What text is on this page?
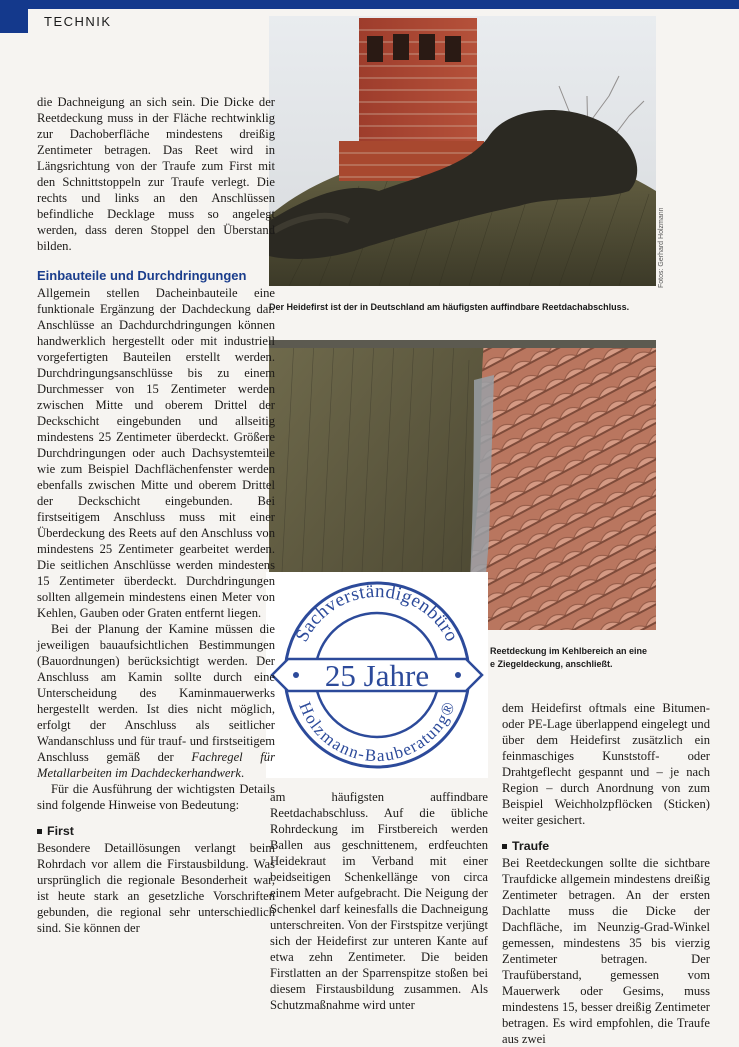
TECHNIK
Fotos: Gerhard Holzmann
Der Heidefirst ist der in Deutschland am häufigsten auffindbare Reetdachabschluss.
Reetdeckung im Kehlbereich an eine
e Ziegeldeckung, anschließt.
Sachverständigenbüro
Holzmann-Bauberatung®
25 Jahre

die Dachneigung an sich sein. Die Dicke der Reetdeckung muss in der Fläche rechtwinklig zur Dachoberfläche mindestens dreißig Zentimeter betragen. Das Reet wird in Längsrichtung von der Traufe zum First mit den Schnittstoppeln zur Traufe verlegt. Die rechts und links an den Anschlüssen befindliche Decklage muss so angelegt werden, dass deren Stoppel den Überstand bilden.

Einbauteile und Durchdringungen

Allgemein stellen Dacheinbauteile eine funktionale Ergänzung der Dachdeckung dar. Anschlüsse an Dachdurchdringungen können handwerklich hergestellt oder mit industriell vorgefertigten Bauteilen erstellt werden. Durchdringungsanschlüsse bis zu einem Durchmesser von 15 Zentimeter werden zwischen Mitte und oberem Drittel der Deckschicht eingebunden und allseitig mindestens 25 Zentimeter überdeckt. Größere Durchdringungen oder auch Dachsystemteile wie zum Beispiel Dachflächenfenster werden ebenfalls zwischen Mitte und oberem Drittel der Deckschicht eingebunden. Bei firstseitigem Anschluss muss mit einer Überdeckung des Reets auf den Anschluss von mindestens 25 Zentimeter gearbeitet werden. Die seitlichen Anschlüsse werden mindestens 15 Zentimeter überdeckt. Durchdringungen sollten allgemein mindestens einen Meter von Kehlen, Gauben oder Graten entfernt liegen.

Bei der Planung der Kamine müssen die jeweiligen bauaufsichtlichen Bestimmungen (Bauordnungen) berücksichtigt werden. Der Anschluss am Kamin sollte durch eine Unterscheidung des Kaminmauerwerks hergestellt werden. Ist dies nicht möglich, erfolgt der Anschluss als seitlicher Wandanschluss und für trauf- und firstseitigem Anschluss gemäß der Fachregel für Metallarbeiten im Dachdeckerhandwerk.

Für die Ausführung der wichtigsten Details sind folgende Hinweise von Bedeutung:

First

Besondere Detaillösungen verlangt beim Rohrdach vor allem die Firstausbildung. Was ursprünglich die regionale Besonderheit war, ist heute stark an gesetzliche Vorschriften gebunden, die regional sehr unterschiedlich sind. Sie können der

am häufigsten auffindbare Reetdachabschluss. Auf die übliche Rohrdeckung im Firstbereich werden Ballen aus geschnittenem, erdfeuchten Heidekraut im Verband mit einer beidseitigen Schenkellänge von circa einem Meter aufgebracht. Die Neigung der Schenkel darf keinesfalls die Dachneigung unterschreiten. Von der Firstspitze verjüngt sich der Heidefirst zur unteren Kante auf etwa zehn Zentimeter. Die beiden Firstlatten an der Sparrenspitze stoßen bei diesem Firstausbildung zusammen. Als Schutzmaßnahme wird unter

dem Heidefirst oftmals eine Bitumen- oder PE-Lage überlappend eingelegt und über dem Heidefirst zusätzlich ein feinmaschiges Kunststoff- oder Drahtgeflecht gespannt und – je nach Region – durch Anordnung von zum Beispiel Weichholzpflöcken (Sticken) weiter gesichert.

Traufe

Bei Reetdeckungen sollte die sichtbare Traufdicke allgemein mindestens dreißig Zentimeter betragen. An der ersten Dachlatte muss die Dicke der Dachfläche, im Neunzig-Grad-Winkel gemessen, mindestens 35 bis vierzig Zentimeter betragen. Der Traufüberstand, gemessen vom Mauerwerk oder Gesims, muss mindestens 15, besser dreißig Zentimeter betragen. Es wird empfohlen, die Traufe aus zwei
